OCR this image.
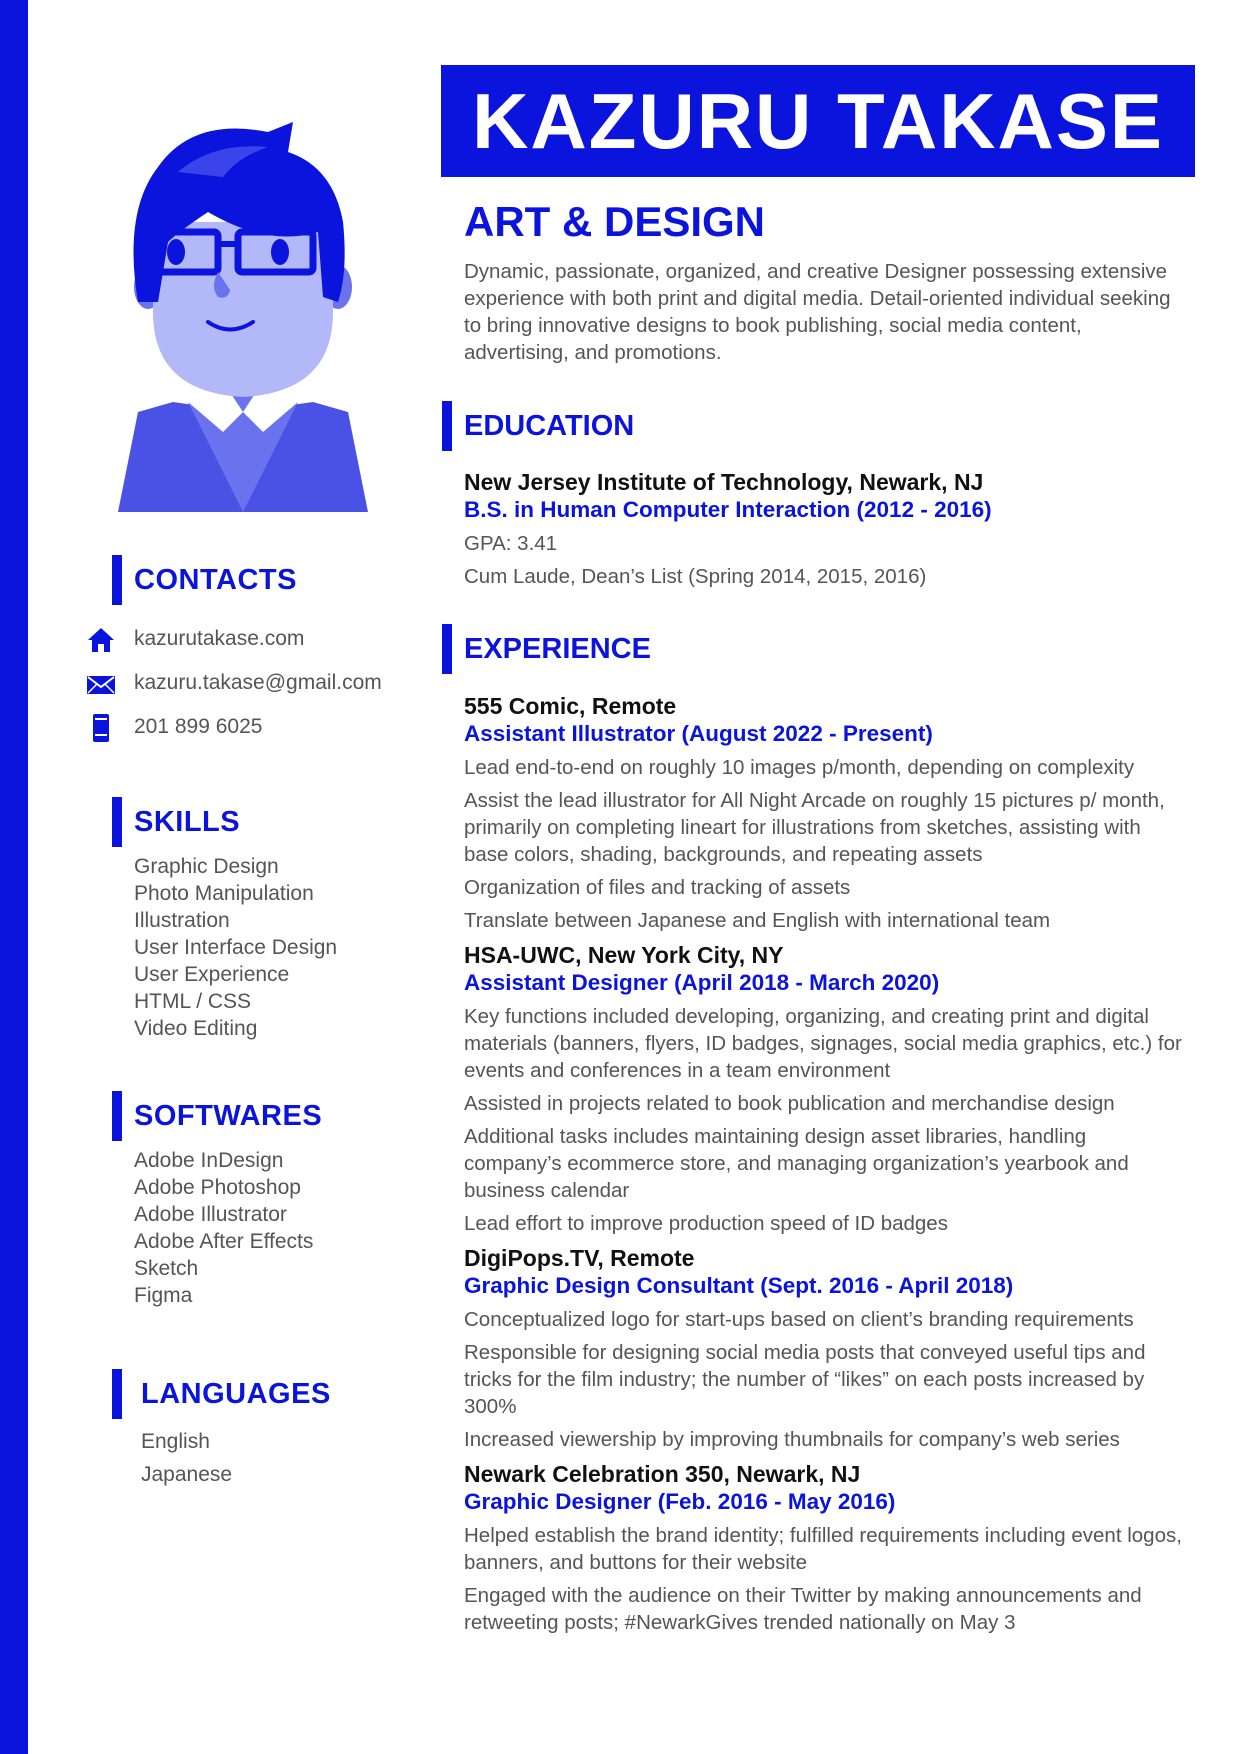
CONTACTS
kazurutakase.com
kazuru.takase@gmail.com
201 899 6025
SKILLS
Graphic Design
Photo Manipulation
Illustration
User Interface Design
User Experience
HTML / CSS
Video Editing
SOFTWARES
Adobe InDesign
Adobe Photoshop
Adobe Illustrator
Adobe After Effects
Sketch
Figma
LANGUAGES
English
Japanese
KAZURU TAKASE
ART & DESIGN
Dynamic, passionate, organized, and creative Designer possessing extensive experience with both print and digital media. Detail-oriented individual seeking to bring innovative designs to book publishing, social media content, advertising, and promotions.
EDUCATION
New Jersey Institute of Technology, Newark, NJ
B.S. in Human Computer Interaction (2012 - 2016)
GPA: 3.41
Cum Laude, Dean’s List (Spring 2014, 2015, 2016)
EXPERIENCE
555 Comic, Remote
Assistant Illustrator (August 2022 - Present)
Lead end-to-end on roughly 10 images p/month, depending on complexity
Assist the lead illustrator for All Night Arcade on roughly 15 pictures p/ month, primarily on completing lineart for illustrations from sketches, assisting with base colors, shading, backgrounds, and repeating assets
Organization of files and tracking of assets
Translate between Japanese and English with international team
HSA-UWC, New York City, NY
Assistant Designer (April 2018 - March 2020)
Key functions included developing, organizing, and creating print and digital materials (banners, flyers, ID badges, signages, social media graphics, etc.) for events and conferences in a team environment
Assisted in projects related to book publication and merchandise design
Additional tasks includes maintaining design asset libraries, handling company’s ecommerce store, and managing organization’s yearbook and business calendar
Lead effort to improve production speed of ID badges
DigiPops.TV, Remote
Graphic Design Consultant (Sept. 2016 - April 2018)
Conceptualized logo for start-ups based on client’s branding requirements
Responsible for designing social media posts that conveyed useful tips and tricks for the film industry; the number of “likes” on each posts increased by 300%
Increased viewership by improving thumbnails for company’s web series
Newark Celebration 350, Newark, NJ
Graphic Designer (Feb. 2016 - May 2016)
Helped establish the brand identity; fulfilled requirements including event logos, banners, and buttons for their website
Engaged with the audience on their Twitter by making announcements and retweeting posts; #NewarkGives trended nationally on May 3
